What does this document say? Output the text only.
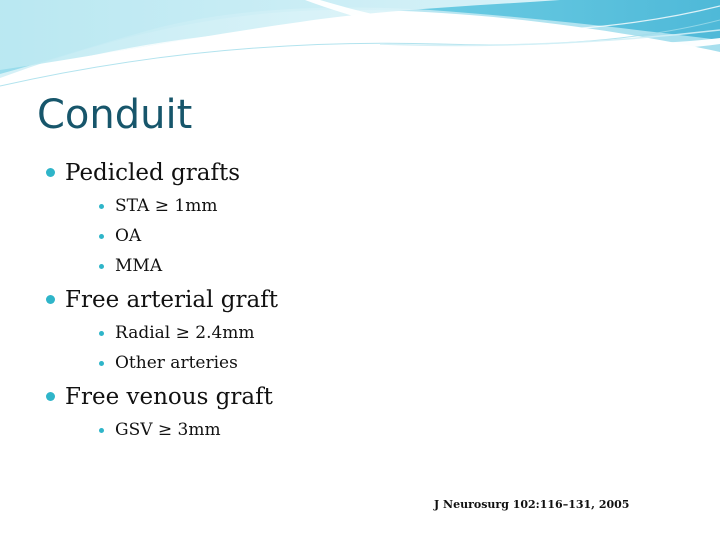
Conduit
Pedicled grafts
STA ≥ 1mm
OA
MMA
Free arterial graft
Radial ≥ 2.4mm
Other arteries
Free venous graft
GSV ≥ 3mm
J Neurosurg 102:116–131, 2005
